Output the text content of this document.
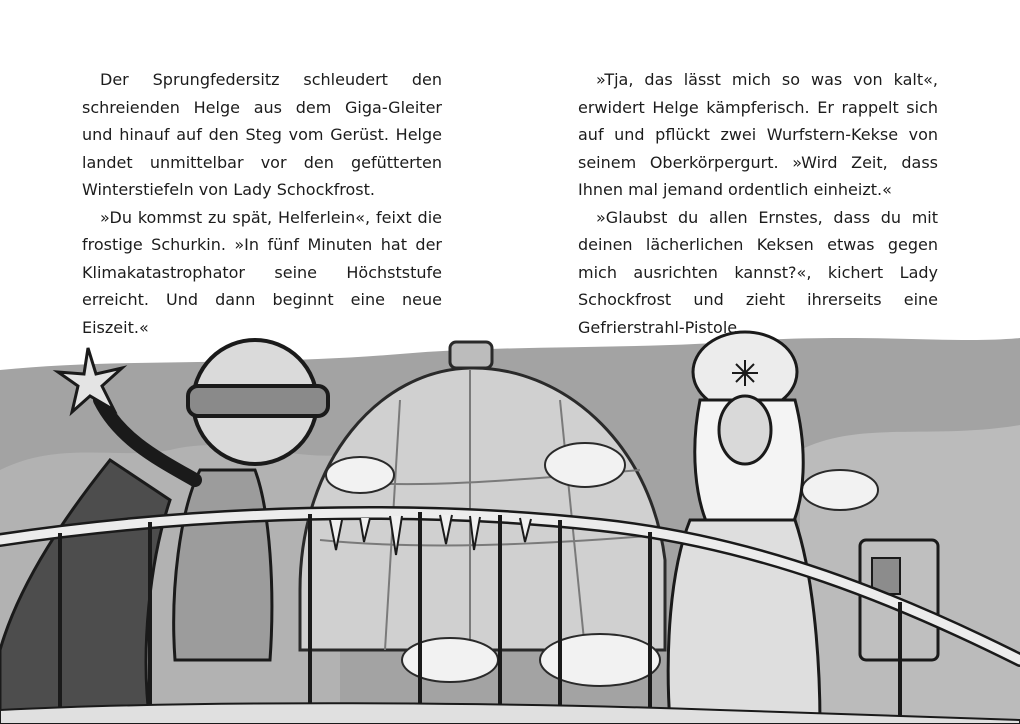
Der Sprungfedersitz schleudert den schreienden Helge aus dem Giga-Gleiter und hinauf auf den Steg vom Gerüst. Helge landet unmittelbar vor den gefütterten Winterstiefeln von Lady Schockfrost.

»Du kommst zu spät, Helferlein«, feixt die frostige Schurkin. »In fünf Minuten hat der Klimakatastrophator seine Höchststufe erreicht. Und dann beginnt eine neue Eiszeit.«

»Tja, das lässt mich so was von kalt«, erwidert Helge kämpferisch. Er rappelt sich auf und pflückt zwei Wurfstern-Kekse von seinem Oberkörpergurt. »Wird Zeit, dass Ihnen mal jemand ordentlich einheizt.«

»Glaubst du allen Ernstes, dass du mit deinen lächerlichen Keksen etwas gegen mich ausrichten kannst?«, kichert Lady Schockfrost und zieht ihrerseits eine Gefrierstrahl-Pistole.
